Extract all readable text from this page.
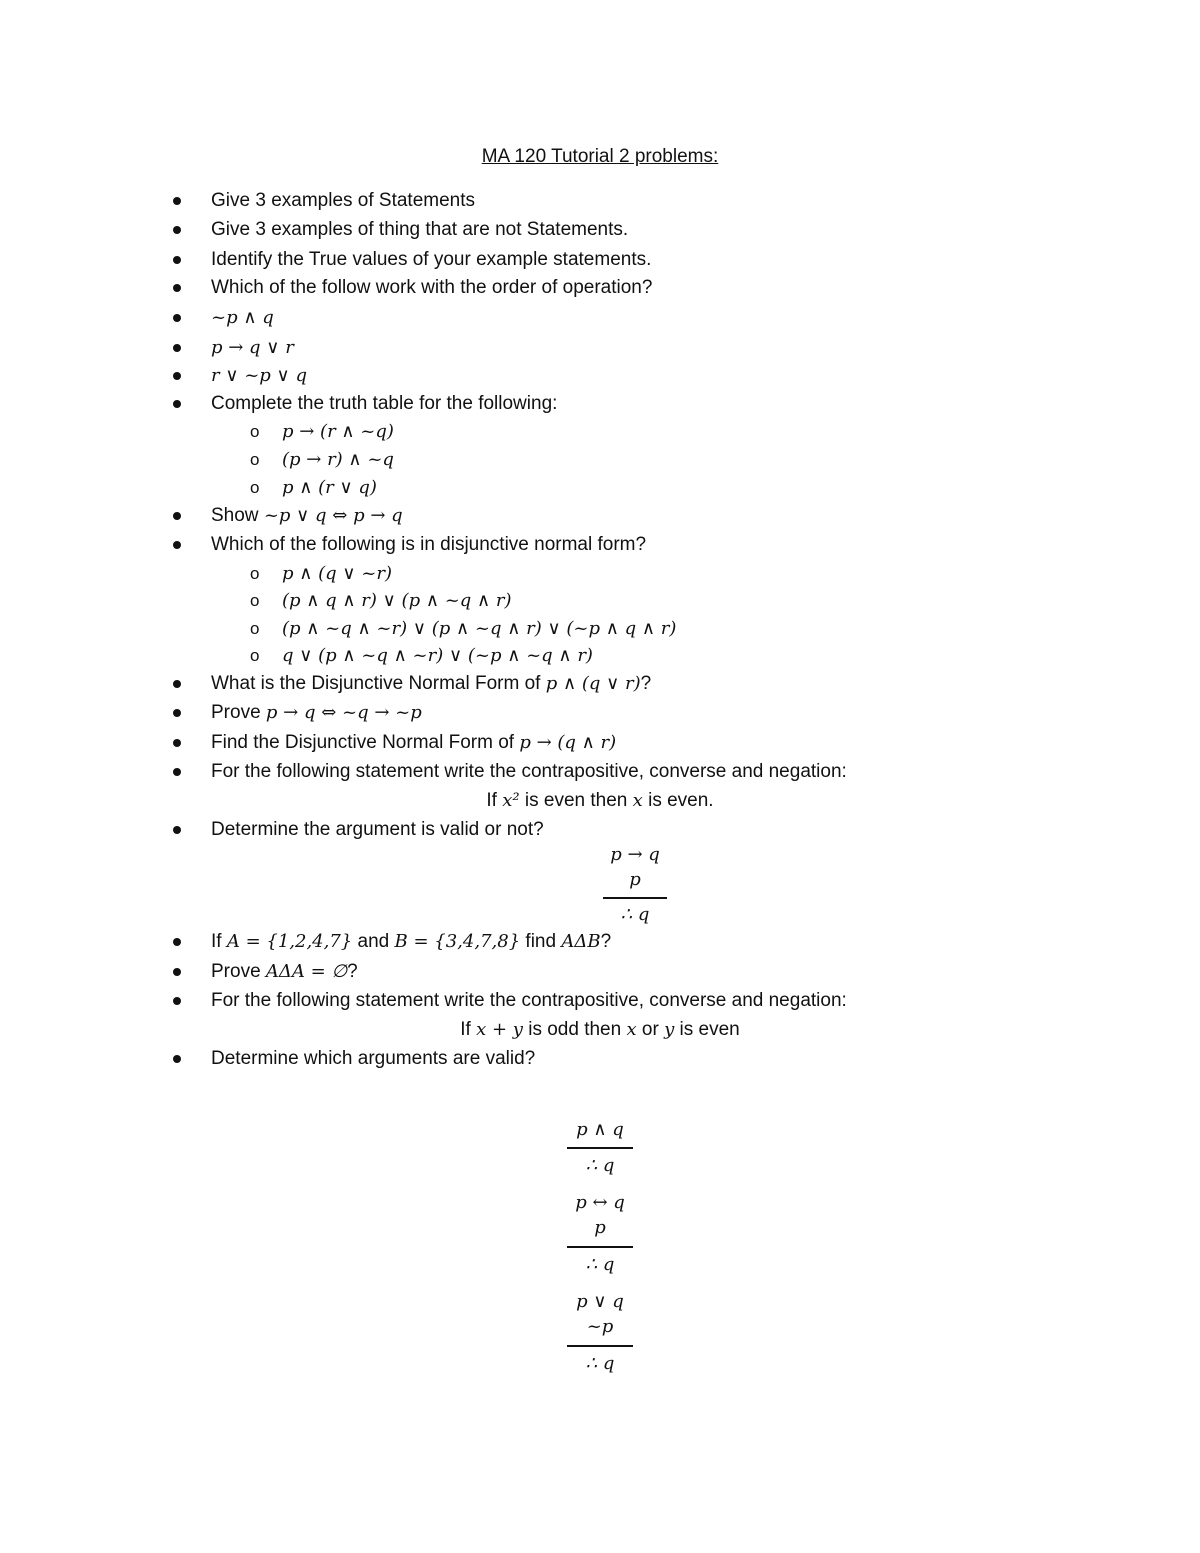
MA 120 Tutorial 2 problems:
Give 3 examples of Statements
Give 3 examples of thing that are not Statements.
Identify the True values of your example statements.
Which of the follow work with the order of operation?
~p ∧ q
p → q ∨ r
r ∨ ~p ∨ q
Complete the truth table for the following:
o p → (r ∧ ~q)
o (p → r) ∧ ~q
o p ∧ (r ∨ q)
Show ~p ∨ q ⇔ p → q
Which of the following is in disjunctive normal form?
o p ∧ (q ∨ ~r)
o (p ∧ q ∧ r) ∨ (p ∧ ~q ∧ r)
o (p ∧ ~q ∧ ~r) ∨ (p ∧ ~q ∧ r) ∨ (~p ∧ q ∧ r)
o q ∨ (p ∧ ~q ∧ ~r) ∨ (~p ∧ ~q ∧ r)
What is the Disjunctive Normal Form of p ∧ (q ∨ r)?
Prove p → q ⇔ ~q → ~p
Find the Disjunctive Normal Form of p → (q ∧ r)
For the following statement write the contrapositive, converse and negation:
If x² is even then x is even.
Determine the argument is valid or not?
p → q
p
∴ q
If A = {1,2,4,7} and B = {3,4,7,8} find AΔB?
Prove AΔA = ∅?
For the following statement write the contrapositive, converse and negation:
If x + y is odd then x or y is even
Determine which arguments are valid?
p ∧ q
∴ q
p ↔ q
p
∴ q
p ∨ q
~p
∴ q
